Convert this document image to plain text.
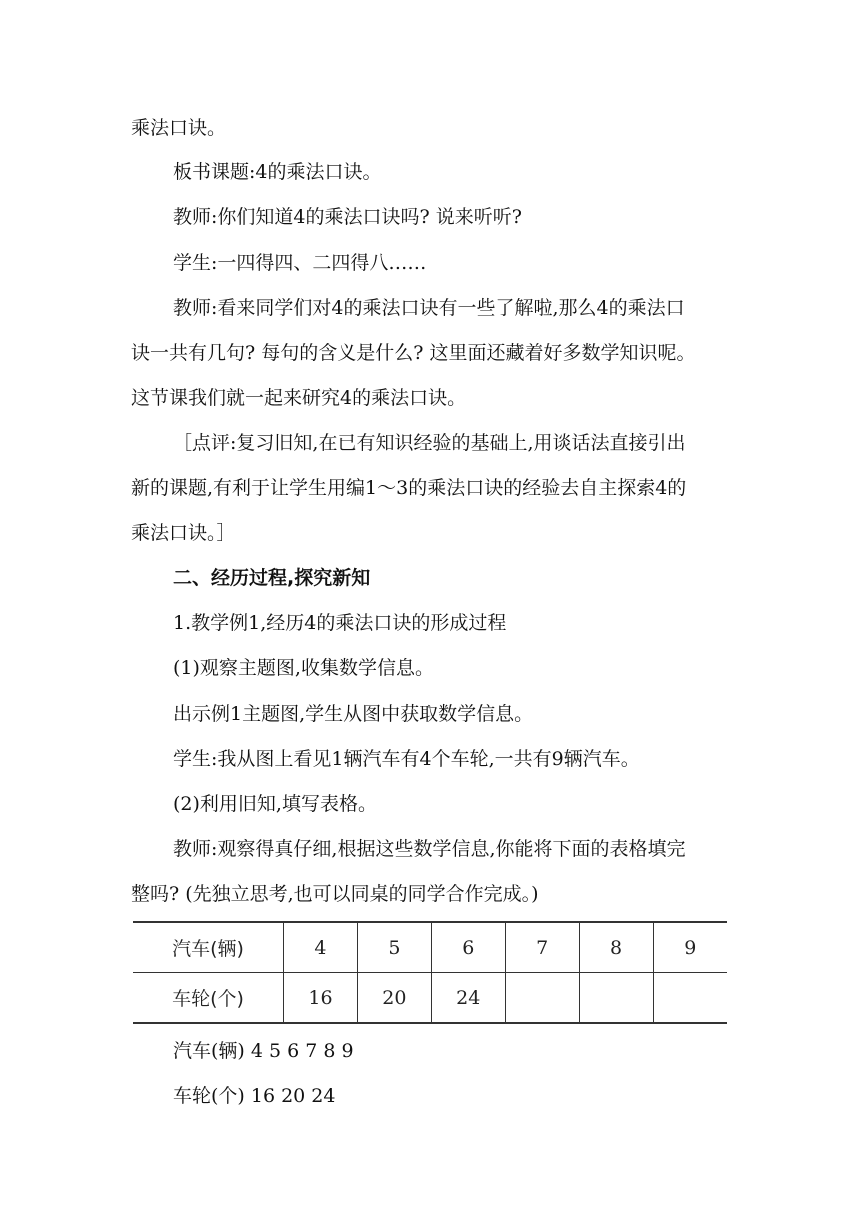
乘法口诀。

板书课题:4的乘法口诀。

教师:你们知道4的乘法口诀吗? 说来听听?

学生:一四得四、二四得八……

教师:看来同学们对4的乘法口诀有一些了解啦,那么4的乘法口

诀一共有几句? 每句的含义是什么? 这里面还藏着好多数学知识呢。

这节课我们就一起来研究4的乘法口诀。

［点评:复习旧知,在已有知识经验的基础上,用谈话法直接引出

新的课题,有利于让学生用编1～3的乘法口诀的经验去自主探索4的

乘法口诀。］

二、经历过程,探究新知

1.教学例1,经历4的乘法口诀的形成过程

(1)观察主题图,收集数学信息。

出示例1主题图,学生从图中获取数学信息。

学生:我从图上看见1辆汽车有4个车轮,一共有9辆汽车。

(2)利用旧知,填写表格。

教师:观察得真仔细,根据这些数学信息,你能将下面的表格填完

整吗? (先独立思考,也可以同桌的同学合作完成。)

汽车(辆)	4	5	6	7	8	9
车轮(个)	16	20	24			

汽车(辆) 4 5 6 7 8 9

车轮(个) 16 20 24
